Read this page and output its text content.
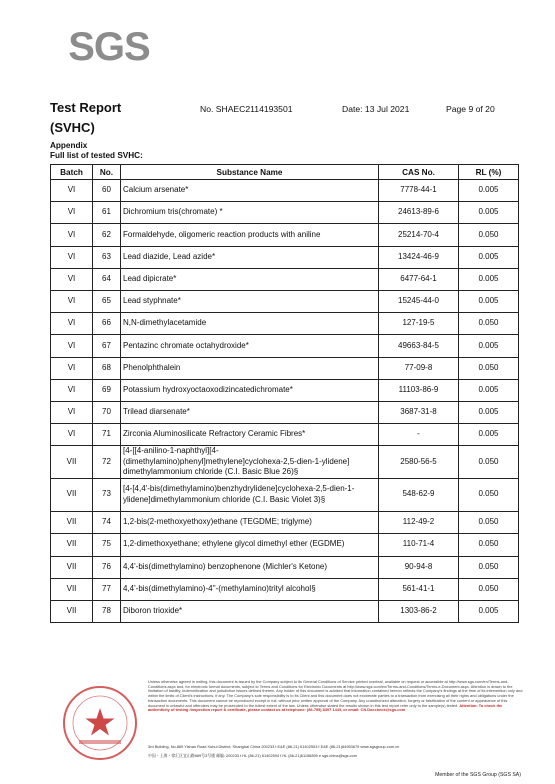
SGS
Test Report
(SVHC)
No. SHAEC2114193501	Date: 13 Jul 2021	Page 9 of 20
Appendix
Full list of tested SVHC:
Batch	No.	Substance Name	CAS No.	RL (%)
VI	60	Calcium arsenate*	7778-44-1	0.005
VI	61	Dichromium tris(chromate) *	24613-89-6	0.005
VI	62	Formaldehyde, oligomeric reaction products with aniline	25214-70-4	0.050
VI	63	Lead diazide, Lead azide*	13424-46-9	0.005
VI	64	Lead dipicrate*	6477-64-1	0.005
VI	65	Lead styphnate*	15245-44-0	0.005
VI	66	N,N-dimethylacetamide	127-19-5	0.050
VI	67	Pentazinc chromate octahydroxide*	49663-84-5	0.005
VI	68	Phenolphthalein	77-09-8	0.050
VI	69	Potassium hydroxyoctaoxodizincatedichromate*	11103-86-9	0.005
VI	70	Trilead diarsenate*	3687-31-8	0.005
VI	71	Zirconia Aluminosilicate Refractory Ceramic Fibres*	-	0.005
VII	72	[4-[[4-anilino-1-naphthyl][4-(dimethylamino)phenyl]methylene]cyclohexa-2,5-dien-1-ylidene] dimethylammonium chloride (C.I. Basic Blue 26)§	2580-56-5	0.050
VII	73	[4-[4,4'-bis(dimethylamino)benzhydrylidene]cyclohexa-2,5-dien-1-ylidene]dimethylammonium chloride (C.I. Basic Violet 3)§	548-62-9	0.050
VII	74	1,2-bis(2-methoxyethoxy)ethane (TEGDME; triglyme)	112-49-2	0.050
VII	75	1,2-dimethoxyethane; ethylene glycol dimethyl ether (EGDME)	110-71-4	0.050
VII	76	4,4'-bis(dimethylamino) benzophenone (Michler's Ketone)	90-94-8	0.050
VII	77	4,4'-bis(dimethylamino)-4''-(methylamino)trityl alcohol§	561-41-1	0.050
VII	78	Diboron trioxide*	1303-86-2	0.005
Unless otherwise agreed in writing, this document is issued by the Company subject to its General Conditions of Service printed overleaf, available on request or accessible at http://www.sgs.com/en/Terms-and-Conditions.aspx and, for electronic format documents, subject to Terms and Conditions for Electronic Documents at http://www.sgs.com/en/Terms-and-Conditions/Terms-e-Document.aspx. Attention is drawn to the limitation of liability, indemnification and jurisdiction issues defined therein. Any holder of this document is advised that information contained hereon reflects the Company's findings at the time of its intervention only and within the limits of Client's instructions, if any. The Company's sole responsibility is to its Client and this document does not exonerate parties to a transaction from exercising all their rights and obligations under the transaction documents. This document cannot be reproduced except in full, without prior written approval of the Company. Any unauthorized alteration, forgery or falsification of the content or appearance of this document is unlawful and offenders may be prosecuted to the fullest extent of the law. Unless otherwise stated the results shown in this test report refer only to the sample(s) tested. Attention: To check the authenticity of testing /inspection report & certificate, please contact us at telephone: (86-755) 8307 1443, or email: CN.Doccheck@sgs.com
3rd Building, No.889 Yishan Road Xuhui District, Shanghai China 200233 t E&E (86-21) 61402553 f E&E (86-21)64953679 www.sgsgroup.com.cn
中国・上海・徐汇区宜山路889号3号楼 邮编: 200233 t HL (86-21) 61402594 f HL (86-21)61156899 e sgs.china@sgs.com
Member of the SGS Group (SGS SA)
